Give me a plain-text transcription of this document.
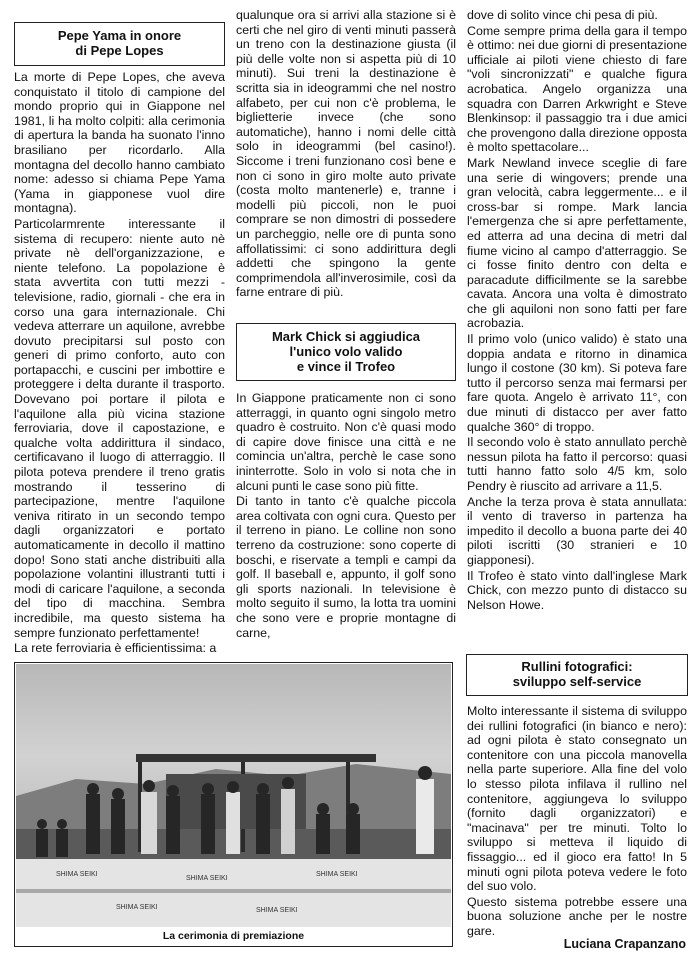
Pepe Yama in onore
di Pepe Lopes

La morte di Pepe Lopes, che aveva conquistato il titolo di campione del mondo proprio qui in Giappone nel 1981, li ha molto colpiti: alla cerimonia di apertura la banda ha suonato l'inno brasiliano per ricordarlo. Alla montagna del decollo hanno cambiato nome: adesso si chiama Pepe Yama (Yama in giapponese vuol dire montagna).

Particolarmrente interessante il sistema di recupero: niente auto nè private nè dell'organizzazione, e niente telefono. La popolazione è stata avvertita con tutti mezzi - televisione, radio, giornali - che era in corso una gara internazionale. Chi vedeva atterrare un aquilone, avrebbe dovuto precipitarsi sul posto con generi di primo conforto, auto con portapacchi, e cuscini per imbottire e proteggere i delta durante il trasporto. Dovevano poi portare il pilota e l'aquilone alla più vicina stazione ferroviaria, dove il capostazione, e qualche volta addirittura il sindaco, certificavano il luogo di atterraggio. Il pilota poteva prendere il treno gratis mostrando il tesserino di partecipazione, mentre l'aquilone veniva ritirato in un secondo tempo dagli organizzatori e portato automaticamente in decollo il mattino dopo! Sono stati anche distribuiti alla popolazione volantini illustranti tutti i modi di caricare l'aquilone, a seconda del tipo di macchina. Sembra incredibile, ma questo sistema ha sempre funzionato perfettamente!

La rete ferroviaria è efficientissima: a

qualunque ora si arrivi alla stazione si è certi che nel giro di venti minuti passerà un treno con la destinazione giusta (il più delle volte non si aspetta più di 10 minuti). Sui treni la destinazione è scritta sia in ideogrammi che nel nostro alfabeto, per cui non c'è problema, le biglietterie invece (che sono automatiche), hanno i nomi delle città solo in ideogrammi (bel casino!). Siccome i treni funzionano così bene e non ci sono in giro molte auto private (costa molto mantenerle) e, tranne i modelli più piccoli, non le puoi comprare se non dimostri di possedere un parcheggio, nelle ore di punta sono affollatissimi: ci sono addirittura degli addetti che spingono la gente comprimendola all'inverosimile, così da farne entrare di più.

Mark Chick si aggiudica
l'unico volo valido
e vince il Trofeo

In Giappone praticamente non ci sono atterraggi, in quanto ogni singolo metro quadro è costruito. Non c'è quasi modo di capire dove finisce una città e ne comincia un'altra, perchè le case sono ininterrotte. Solo in volo si nota che in alcuni punti le case sono più fitte.

Di tanto in tanto c'è qualche piccola area coltivata con ogni cura. Questo per il terreno in piano. Le colline non sono terreno da costruzione: sono coperte di boschi, e riservate a templi e campi da golf. Il baseball e, appunto, il golf sono gli sports nazionali. In televisione è molto seguito il sumo, la lotta tra uomini che sono vere e proprie montagne di carne,

dove di solito vince chi pesa di più.

Come sempre prima della gara il tempo è ottimo: nei due giorni di presentazione ufficiale ai piloti viene chiesto di fare "voli sincronizzati" e qualche figura acrobatica. Angelo organizza una squadra con Darren Arkwright e Steve Blenkinsop: il passaggio tra i due amici che provengono dalla direzione opposta è molto spettacolare...

Mark Newland invece sceglie di fare una serie di wingovers; prende una gran velocità, cabra leggermente... e il cross-bar si rompe. Mark lancia l'emergenza che si apre perfettamente, ed atterra ad una decina di metri dal fiume vicino al campo d'atterraggio. Se ci fosse finito dentro con delta e paracadute difficilmente se la sarebbe cavata. Ancora una volta è dimostrato che gli aquiloni non sono fatti per fare acrobazia.

Il primo volo (unico valido) è stato una doppia andata e ritorno in dinamica lungo il costone (30 km). Si poteva fare tutto il percorso senza mai fermarsi per fare quota. Angelo è arrivato 11°, con due minuti di distacco per aver fatto qualche 360° di troppo.

Il secondo volo è stato annullato perchè nessun pilota ha fatto il percorso: quasi tutti hanno fatto solo 4/5 km, solo Pendry è riuscito ad arrivare a 11,5.

Anche la terza prova è stata annullata: il vento di traverso in partenza ha impedito il decollo a buona parte dei 40 piloti iscritti (30 stranieri e 10 giapponesi).

Il Trofeo è stato vinto dall'inglese Mark Chick, con mezzo punto di distacco su Nelson Howe.

Rullini fotografici:
sviluppo self-service

Molto interessante il sistema di sviluppo dei rullini fotografici (in bianco e nero): ad ogni pilota è stato consegnato un contenitore con una piccola manovella nella parte superiore. Alla fine del volo lo stesso pilota infilava il rullino nel contenitore, aggiungeva lo sviluppo (fornito dagli organizzatori) e "macinava" per tre minuti. Tolto lo sviluppo si metteva il liquido di fissaggio... ed il gioco era fatto! In 5 minuti ogni pilota poteva vedere le foto del suo volo.

Questo sistema potrebbe essere una buona soluzione anche per le nostre gare.

SHIMA SEIKI
SHIMA SEIKI
SHIMA SEIKI
SHIMA SEIKI	SHIMA SEIKI
La cerimonia di premiazione
Luciana Crapanzano
